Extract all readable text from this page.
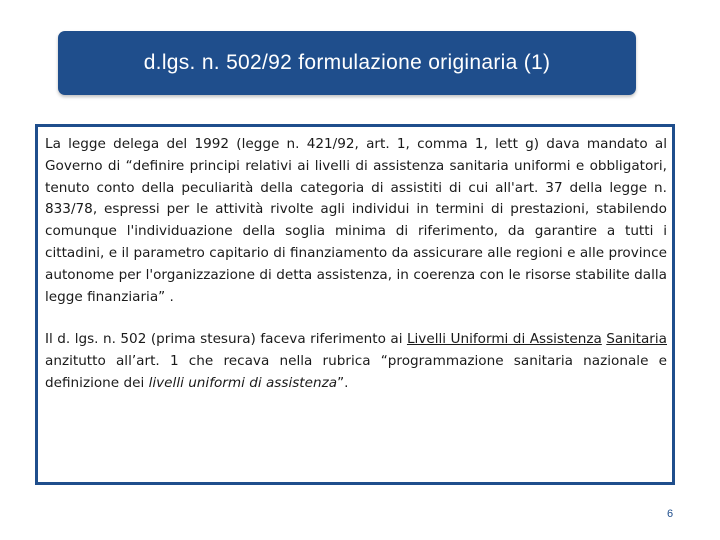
d.lgs. n. 502/92 formulazione originaria (1)

La legge delega del 1992 (legge n. 421/92, art. 1, comma 1, lett g) dava mandato al Governo di “definire principi relativi ai livelli di assistenza sanitaria uniformi e obbligatori, tenuto conto della peculiarità della categoria di assistiti di cui all'art. 37 della legge n. 833/78, espressi per le attività rivolte agli individui in termini di prestazioni, stabilendo comunque l'individuazione della soglia minima di riferimento, da garantire a tutti i cittadini, e il parametro capitario di finanziamento da assicurare alle regioni e alle province autonome per l'organizzazione di detta assistenza, in coerenza con le risorse stabilite dalla legge finanziaria” .

Il d. lgs. n. 502 (prima stesura) faceva riferimento ai Livelli Uniformi di Assistenza Sanitaria anzitutto all’art. 1 che recava nella rubrica “programmazione sanitaria nazionale e definizione dei livelli uniformi di assistenza”.

6
